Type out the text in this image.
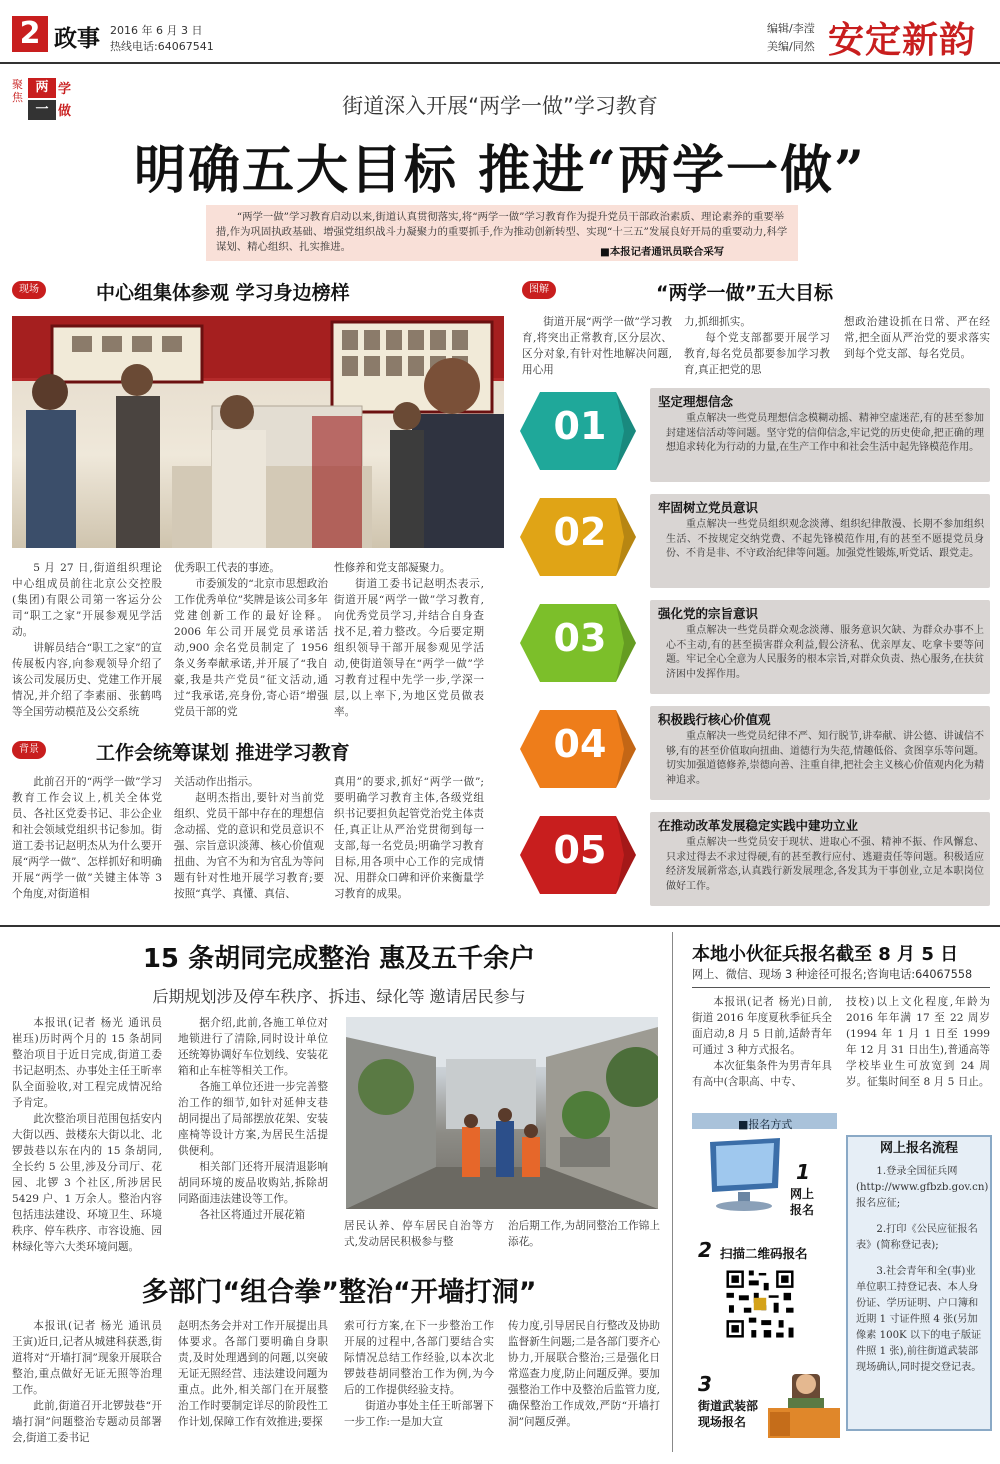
2 政事 2016 年 6 月 3 日
热线电话:64067541
编辑/李滢
美编/同然 安定新韵
聚焦
两 学
一 做	街道深入开展“两学一做”学习教育
明确五大目标 推进“两学一做”
“两学一做”学习教育启动以来,街道认真贯彻落实,将“两学一做”学习教育作为提升党员干部政治素质、理论素养的重要举措,作为巩固执政基础、增强党组织战斗力凝聚力的重要抓手,作为推动创新转型、实现“十三五”发展良好开局的重要动力,科学谋划、精心组织、扎实推进。	■本报记者通讯员联合采写
现场	中心组集体参观 学习身边榜样

5 月 27 日,街道组织理论中心组成员前往北京公交控股(集团)有限公司第一客运分公司“职工之家”开展参观见学活动。

讲解员结合“职工之家”的宣传展板内容,向参观领导介绍了该公司发展历史、党建工作开展情况,并介绍了李素丽、张鹤鸣等全国劳动模范及公交系统

优秀职工代表的事迹。

市委颁发的“北京市思想政治工作优秀单位”奖牌是该公司多年党建创新工作的最好诠释。2006 年公司开展党员承诺活动,900 余名党员制定了 1956 条义务奉献承诺,并开展了“我自豪,我是共产党员”征文活动,通过“我承诺,亮身份,寄心语”增强党员干部的党

性修养和党支部凝聚力。

街道工委书记赵明杰表示,街道开展“两学一做”学习教育,向优秀党员学习,并结合自身查找不足,着力整改。今后要定期组织领导干部开展参观见学活动,使街道领导在“两学一做”学习教育过程中先学一步,学深一层,以上率下,为地区党员做表率。

背景	工作会统筹谋划 推进学习教育

此前召开的“两学一做”学习教育工作会议上,机关全体党员、各社区党委书记、非公企业和社会领域党组织书记参加。街道工委书记赵明杰从为什么要开展“两学一做”、怎样抓好和明确开展“两学一做”关键主体等 3 个角度,对街道相

关活动作出指示。

赵明杰指出,要针对当前党组织、党员干部中存在的理想信念动摇、党的意识和党员意识不强、宗旨意识淡薄、核心价值观扭曲、为官不为和为官乱为等问题有针对性地开展学习教育;要按照“真学、真懂、真信、

真用”的要求,抓好“两学一做”;要明确学习教育主体,各级党组织书记要担负起管党治党主体责任,真正让从严治党贯彻到每一支部,每一名党员;明确学习教育目标,用各项中心工作的完成情况、用群众口碑和评价来衡量学习教育的成果。

图解	“两学一做”五大目标

街道开展“两学一做”学习教育,将突出正常教育,区分层次、区分对象,有针对性地解决问题,用心用

力,抓细抓实。

每个党支部都要开展学习教育,每名党员都要参加学习教育,真正把党的思

想政治建设抓在日常、严在经常,把全面从严治党的要求落实到每个党支部、每名党员。

01
坚定理想信念
重点解决一些党员理想信念模糊动摇、精神空虚迷茫,有的甚至参加封建迷信活动等问题。坚守党的信仰信念,牢记党的历史使命,把正确的理想追求转化为行动的力量,在生产工作中和社会生活中起先锋模范作用。
02
牢固树立党员意识
重点解决一些党员组织观念淡薄、组织纪律散漫、长期不参加组织生活、不按规定交纳党费、不起先锋模范作用,有的甚至不愿提党员身份、不肯是非、不守政治纪律等问题。加强党性锻炼,听党话、跟党走。
03
强化党的宗旨意识
重点解决一些党员群众观念淡薄、服务意识欠缺、为群众办事不上心不主动,有的甚至损害群众利益,假公济私、优亲厚友、吃拿卡要等问题。牢记全心全意为人民服务的根本宗旨,对群众负责、热心服务,在扶贫济困中发挥作用。
04
积极践行核心价值观
重点解决一些党员纪律不严、知行脱节,讲奉献、讲公德、讲诚信不够,有的甚至价值取向扭曲、道德行为失范,情趣低俗、贪图享乐等问题。切实加强道德修养,崇德向善、注重自律,把社会主义核心价值观内化为精神追求。
05
在推动改革发展稳定实践中建功立业
重点解决一些党员安于现状、进取心不强、精神不振、作风懈怠、只求过得去不求过得硬,有的甚至教行应付、逃避责任等问题。积极适应经济发展新常态,认真践行新发展理念,各发其为干事创业,立足本职岗位做好工作。
15 条胡同完成整治 惠及五千余户
后期规划涉及停车秩序、拆违、绿化等 邀请居民参与

本报讯(记者 杨光 通讯员 崔珏)历时两个月的 15 条胡同整治项目于近日完成,街道工委书记赵明杰、办事处主任王昕率队全面验收,对工程完成情况给予肯定。

此次整治项目范围包括安内大街以西、鼓楼东大街以北、北锣鼓巷以东在内的 15 条胡同,全长约 5 公里,涉及分司厅、花园、北锣 3 个社区,所涉居民 5429 户、1 万余人。整治内容包括违法建设、环境卫生、环境秩序、停车秩序、市容设施、园林绿化等六大类环境问题。

据介绍,此前,各施工单位对地锁进行了清除,同时设计单位还统筹协调好车位划线、安装花箱和止车桩等相关工作。

各施工单位还进一步完善整治工作的细节,如针对延伸支巷胡同提出了局部摆放花架、安装座椅等设计方案,为居民生活提供便利。

相关部门还将开展清退影响胡同环境的废品收购站,拆除胡同路面违法建设等工作。

各社区将通过开展花箱

居民认养、停车居民自治等方式,发动居民积极参与整

治后期工作,为胡同整治工作锦上添花。

多部门“组合拳”整治“开墙打洞”

本报讯(记者 杨光 通讯员 王寅)近日,记者从城建科获悉,街道将对“开墙打洞”现象开展联合整治,重点做好无证无照等治理工作。

此前,街道召开北锣鼓巷“开墙打洞”问题整治专题动员部署会,街道工委书记

赵明杰务会并对工作开展提出具体要求。各部门要明确自身职责,及时处理遇到的问题,以突破无证无照经营、违法建设问题为重点。此外,相关部门在开展整治工作时要制定详尽的阶段性工作计划,保障工作有效推进;要探

索可行方案,在下一步整治工作开展的过程中,各部门要结合实际情况总结工作经验,以本次北锣鼓巷胡同整治工作为例,为今后的工作提供经验支持。

街道办事处主任王昕部署下一步工作:一是加大宣

传力度,引导居民自行整改及协助监督新生问题;二是各部门要齐心协力,开展联合整治;三是强化日常巡查力度,防止问题反弹。要加强整治工作中及整治后监管力度,确保整治工作成效,严防“开墙打洞”问题反弹。

本地小伙征兵报名截至 8 月 5 日
网上、微信、现场 3 种途径可报名;咨询电话:64067558

本报讯(记者 杨光)日前,街道 2016 年度夏秋季征兵全面启动,8 月 5 日前,适龄青年可通过 3 种方式报名。

本次征集条件为男青年具有高中(含职高、中专、

技校)以上文化程度,年龄为 2016 年年满 17 至 22 周岁(1994 年 1 月 1 日至 1999 年 12 月 31 日出生),普通高等学校毕业生可放宽到 24 周岁。征集时间至 8 月 5 日止。

■报名方式
1
网上报名
2 扫描二维码报名
3
街道武装部现场报名
网上报名流程

1.登录全国征兵网(http://www.gfbzb.gov.cn)报名应征;

2.打印《公民应征报名表》(简称登记表);

3.社会青年和全(事)业单位职工持登记表、本人身份证、学历证明、户口簿和近期 1 寸证件照 4 张(另加像素 100K 以下的电子版证件照 1 张),前往街道武装部现场确认,同时提交登记表。
